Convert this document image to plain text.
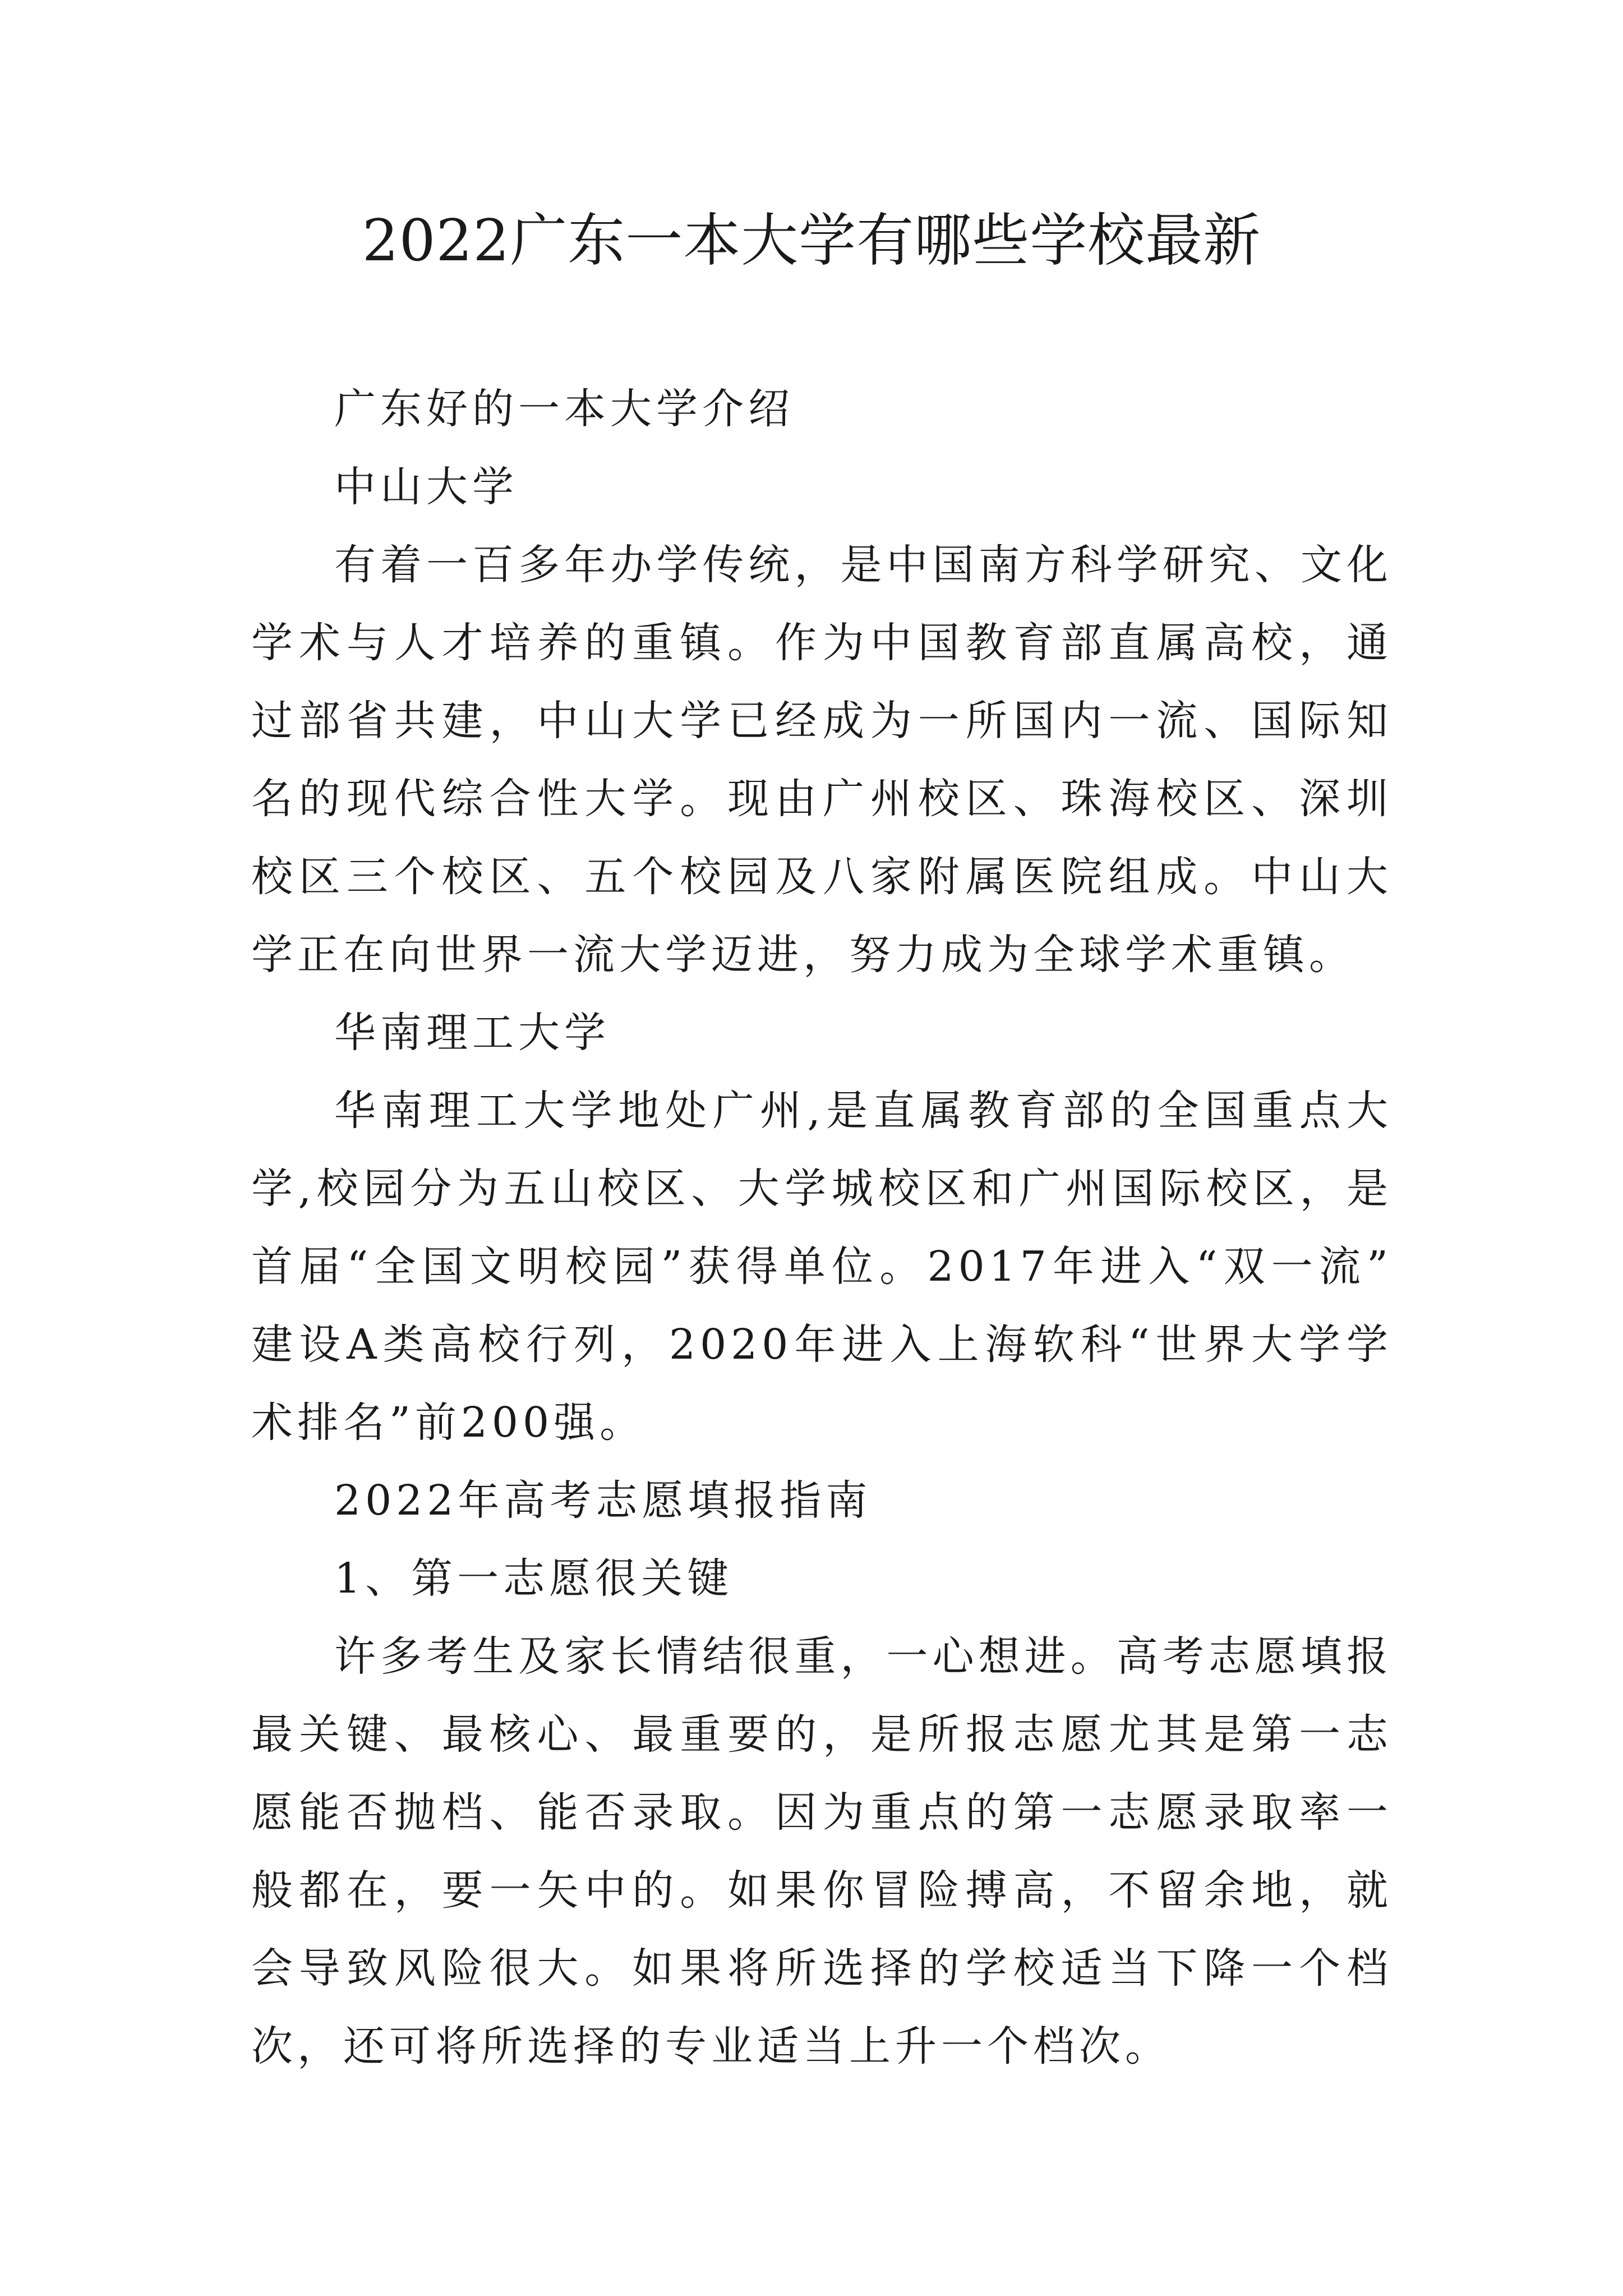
2022广东一本大学有哪些学校最新

广东好的一本大学介绍

中山大学

有着一百多年办学传统，是中国南方科学研究、文化学术与人才培养的重镇。作为中国教育部直属高校，通过部省共建，中山大学已经成为一所国内一流、国际知名的现代综合性大学。现由广州校区、珠海校区、深圳校区三个校区、五个校园及八家附属医院组成。中山大学正在向世界一流大学迈进，努力成为全球学术重镇。

华南理工大学

华南理工大学地处广州,是直属教育部的全国重点大学,校园分为五山校区、大学城校区和广州国际校区，是首届“全国文明校园”获得单位。2017年进入“双一流”建设A类高校行列，2020年进入上海软科“世界大学学术排名”前200强。

2022年高考志愿填报指南

1、第一志愿很关键

许多考生及家长情结很重，一心想进。高考志愿填报最关键、最核心、最重要的，是所报志愿尤其是第一志愿能否抛档、能否录取。因为重点的第一志愿录取率一般都在，要一矢中的。如果你冒险搏高，不留余地，就会导致风险很大。如果将所选择的学校适当下降一个档次，还可将所选择的专业适当上升一个档次。
